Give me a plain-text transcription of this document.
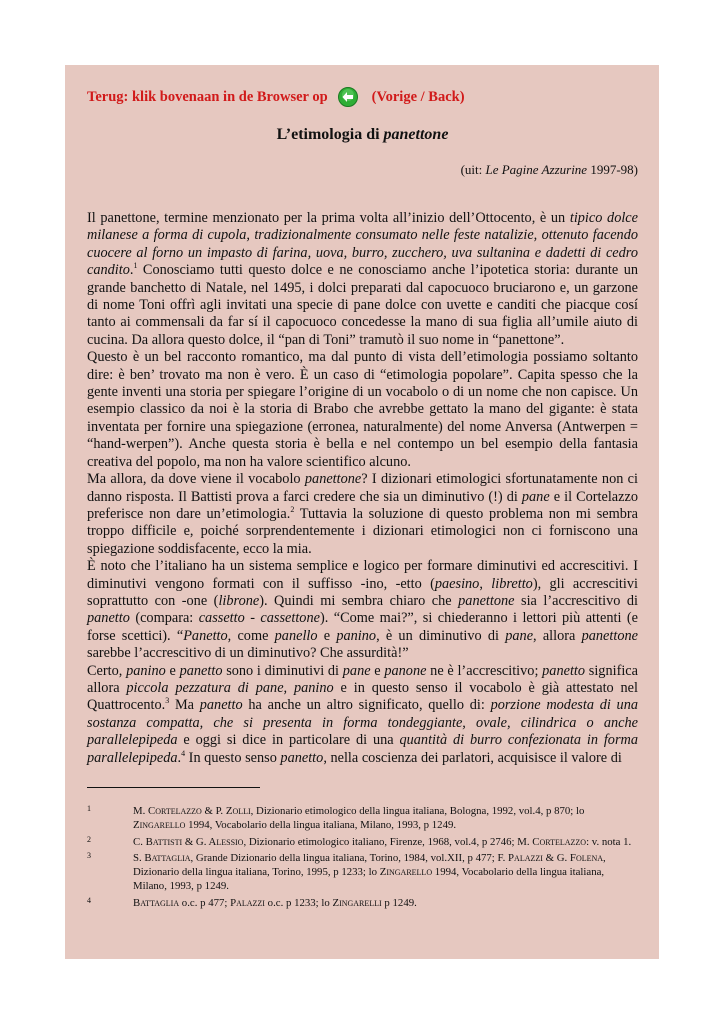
Terug: klik bovenaan in de Browser op	(Vorige / Back)
L’etimologia di panettone
(uit: Le Pagine Azzurine 1997-98)

Il panettone, termine menzionato per la prima volta all’inizio dell’Ottocento, è un tipico dolce milanese a forma di cupola, tradizionalmente consumato nelle feste natalizie, ottenuto facendo cuocere al forno un impasto di farina, uova, burro, zucchero, uva sultanina e dadetti di cedro candito.$^1$ Conosciamo tutti questo dolce e ne conosciamo anche l’ipotetica storia: durante un grande banchetto di Natale, nel 1495, i dolci preparati dal capocuoco bruciarono e, un garzone di nome Toni offrì agli invitati una specie di pane dolce con uvette e canditi che piacque cosí tanto ai commensali da far sí il capocuoco concedesse la mano di sua figlia all’umile aiuto di cucina. Da allora questo dolce, il “pan di Toni” tramutò il suo nome in “panettone”.

Questo è un bel racconto romantico, ma dal punto di vista dell’etimologia possiamo soltanto dire: è ben’ trovato ma non è vero. È un caso di “etimologia popolare”. Capita spesso che la gente inventi una storia per spiegare l’origine di un vocabolo o di un nome che non capisce. Un esempio classico da noi è la storia di Brabo che avrebbe gettato la mano del gigante: è stata inventata per fornire una spiegazione (erronea, naturalmente) del nome Anversa (Antwerpen = “hand-werpen”). Anche questa storia è bella e nel contempo un bel esempio della fantasia creativa del popolo, ma non ha valore scientifico alcuno.

Ma allora, da dove viene il vocabolo panettone? I dizionari etimologici sfortunatamente non ci danno risposta. Il Battisti prova a farci credere che sia un diminutivo (!) di pane e il Cortelazzo preferisce non dare un’etimologia.$^2$ Tuttavia la soluzione di questo problema non mi sembra troppo difficile e, poiché sorprendentemente i dizionari etimologici non ci forniscono una spiegazione soddisfacente, ecco la mia.

È noto che l’italiano ha un sistema semplice e logico per formare diminutivi ed accrescitivi. I diminutivi vengono formati con il suffisso -ino, -etto (paesino, libretto), gli accrescitivi soprattutto con -one (librone). Quindi mi sembra chiaro che panettone sia l’accrescitivo di panetto (compara: cassetto - cassettone). “Come mai?”, si chiederanno i lettori più attenti (e forse scettici). “Panetto, come panello e panino, è un diminutivo di pane, allora panettone sarebbe l’accrescitivo di un diminutivo? Che assurdità!”

Certo, panino e panetto sono i diminutivi di pane e panone ne è l’accrescitivo; panetto significa allora piccola pezzatura di pane, panino e in questo senso il vocabolo è già attestato nel Quattrocento.$^3$ Ma panetto ha anche un altro significato, quello di: porzione modesta di una sostanza compatta, che si presenta in forma tondeggiante, ovale, cilindrica o anche parallelepipeda e oggi si dice in particolare di una quantità di burro confezionata in forma parallelepipeda.$^4$ In questo senso panetto, nella coscienza dei parlatori, acquisisce il valore di

1	M. Cortelazzo & P. Zolli, Dizionario etimologico della lingua italiana, Bologna, 1992, vol.4, p 870; lo Zingarello 1994, Vocabolario della lingua italiana, Milano, 1993, p 1249.
2	C. Battisti & G. Alessio, Dizionario etimologico italiano, Firenze, 1968, vol.4, p 2746; M. Cortelazzo: v. nota 1.
3	S. Battaglia, Grande Dizionario della lingua italiana, Torino, 1984, vol.XII, p 477; F. Palazzi & G. Folena, Dizionario della lingua italiana, Torino, 1995, p 1233; lo Zingarello 1994, Vocabolario della lingua italiana, Milano, 1993, p 1249.
4	Battaglia o.c. p 477; Palazzi o.c. p 1233; lo Zingarelli p 1249.
